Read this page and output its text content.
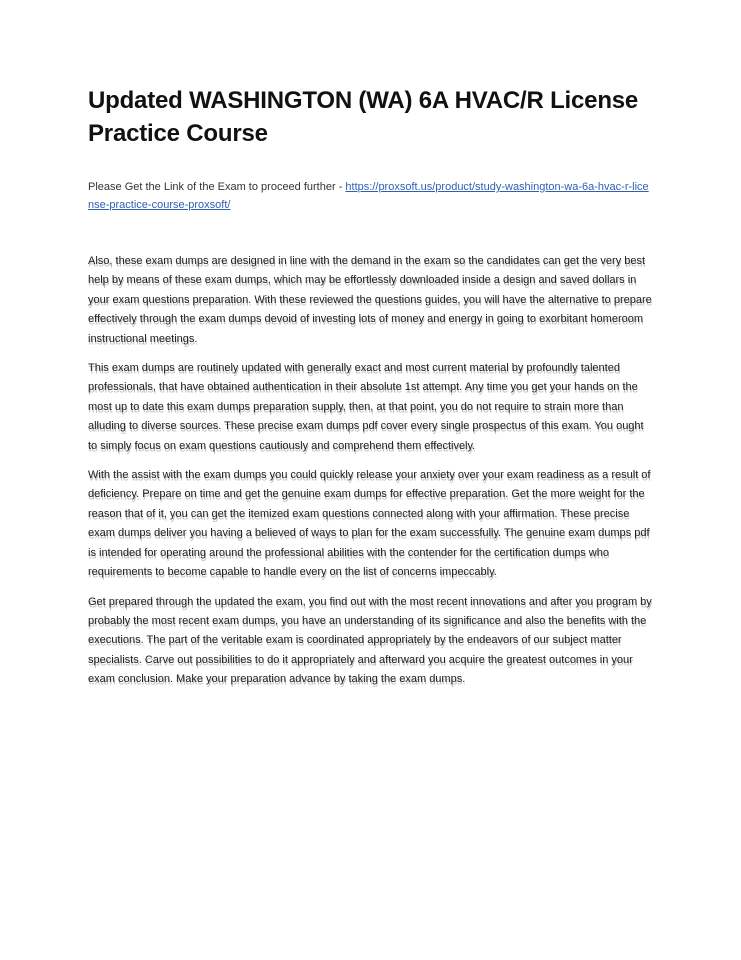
Updated WASHINGTON (WA) 6A HVAC/R License Practice Course

Please Get the Link of the Exam to proceed further - https://proxsoft.us/product/study-washington-wa-6a-hvac-r-license-practice-course-proxsoft/

Also, these exam dumps are designed in line with the demand in the exam so the candidates can get the very best help by means of these exam dumps, which may be effortlessly downloaded inside a design and saved dollars in your exam questions preparation. With these reviewed the questions guides, you will have the alternative to prepare effectively through the exam dumps devoid of investing lots of money and energy in going to exorbitant homeroom instructional meetings.

This exam dumps are routinely updated with generally exact and most current material by profoundly talented professionals, that have obtained authentication in their absolute 1st attempt. Any time you get your hands on the most up to date this exam dumps preparation supply, then, at that point, you do not require to strain more than alluding to diverse sources. These precise exam dumps pdf cover every single prospectus of this exam. You ought to simply focus on exam questions cautiously and comprehend them effectively.

With the assist with the exam dumps you could quickly release your anxiety over your exam readiness as a result of deficiency. Prepare on time and get the genuine exam dumps for effective preparation. Get the more weight for the reason that of it, you can get the itemized exam questions connected along with your affirmation. These precise exam dumps deliver you having a believed of ways to plan for the exam successfully. The genuine exam dumps pdf is intended for operating around the professional abilities with the contender for the certification dumps who requirements to become capable to handle every on the list of concerns impeccably.

Get prepared through the updated the exam, you find out with the most recent innovations and after you program by probably the most recent exam dumps, you have an understanding of its significance and also the benefits with the executions. The part of the veritable exam is coordinated appropriately by the endeavors of our subject matter specialists. Carve out possibilities to do it appropriately and afterward you acquire the greatest outcomes in your exam conclusion. Make your preparation advance by taking the exam dumps.
